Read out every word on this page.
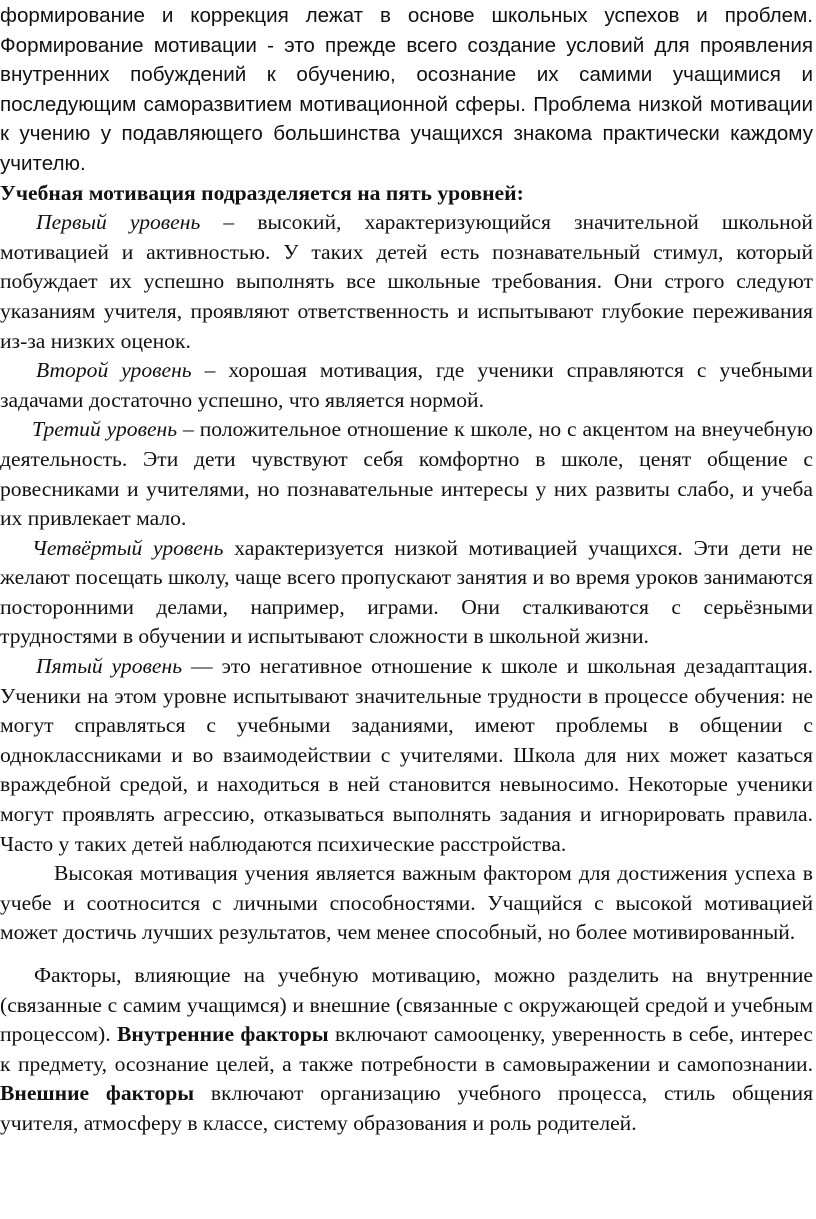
формирование и коррекция лежат в основе школьных успехов и проблем. Формирование мотивации - это прежде всего создание условий для проявления внутренних побуждений к обучению, осознание их самими учащимися и последующим саморазвитием мотивационной сферы. Проблема низкой мотивации к учению у подавляющего большинства учащихся знакома практически каждому учителю.

Учебная мотивация подразделяется на пять уровней:

Первый уровень – высокий, характеризующийся значительной школьной мотивацией и активностью. У таких детей есть познавательный стимул, который побуждает их успешно выполнять все школьные требования. Они строго следуют указаниям учителя, проявляют ответственность и испытывают глубокие переживания из-за низких оценок.

Второй уровень – хорошая мотивация, где ученики справляются с учебными задачами достаточно успешно, что является нормой.

Третий уровень – положительное отношение к школе, но с акцентом на внеучебную деятельность. Эти дети чувствуют себя комфортно в школе, ценят общение с ровесниками и учителями, но познавательные интересы у них развиты слабо, и учеба их привлекает мало.

Четвёртый уровень характеризуется низкой мотивацией учащихся. Эти дети не желают посещать школу, чаще всего пропускают занятия и во время уроков занимаются посторонними делами, например, играми. Они сталкиваются с серьёзными трудностями в обучении и испытывают сложности в школьной жизни.

Пятый уровень — это негативное отношение к школе и школьная дезадаптация. Ученики на этом уровне испытывают значительные трудности в процессе обучения: не могут справляться с учебными заданиями, имеют проблемы в общении с одноклассниками и во взаимодействии с учителями. Школа для них может казаться враждебной средой, и находиться в ней становится невыносимо. Некоторые ученики могут проявлять агрессию, отказываться выполнять задания и игнорировать правила. Часто у таких детей наблюдаются психические расстройства.

Высокая мотивация учения является важным фактором для достижения успеха в учебе и соотносится с личными способностями. Учащийся с высокой мотивацией может достичь лучших результатов, чем менее способный, но более мотивированный.

Факторы, влияющие на учебную мотивацию, можно разделить на внутренние (связанные с самим учащимся) и внешние (связанные с окружающей средой и учебным процессом). Внутренние факторы включают самооценку, уверенность в себе, интерес к предмету, осознание целей, а также потребности в самовыражении и самопознании. Внешние факторы включают организацию учебного процесса, стиль общения учителя, атмосферу в классе, систему образования и роль родителей.
